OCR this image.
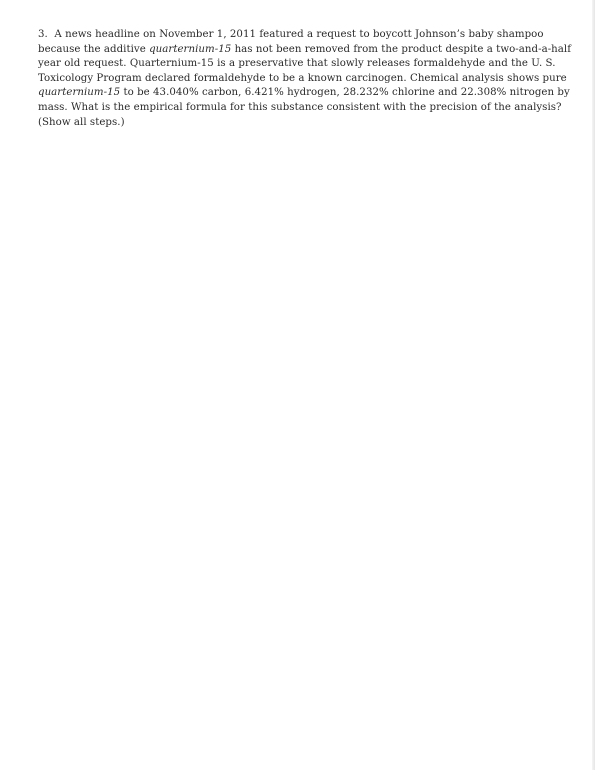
3. A news headline on November 1, 2011 featured a request to boycott Johnson’s baby shampoo
because the additive quarternium-15 has not been removed from the product despite a two-and-a-half
year old request. Quarternium-15 is a preservative that slowly releases formaldehyde and the U. S.
Toxicology Program declared formaldehyde to be a known carcinogen. Chemical analysis shows pure
quarternium-15 to be 43.040% carbon, 6.421% hydrogen, 28.232% chlorine and 22.308% nitrogen by
mass. What is the empirical formula for this substance consistent with the precision of the analysis?
(Show all steps.)
